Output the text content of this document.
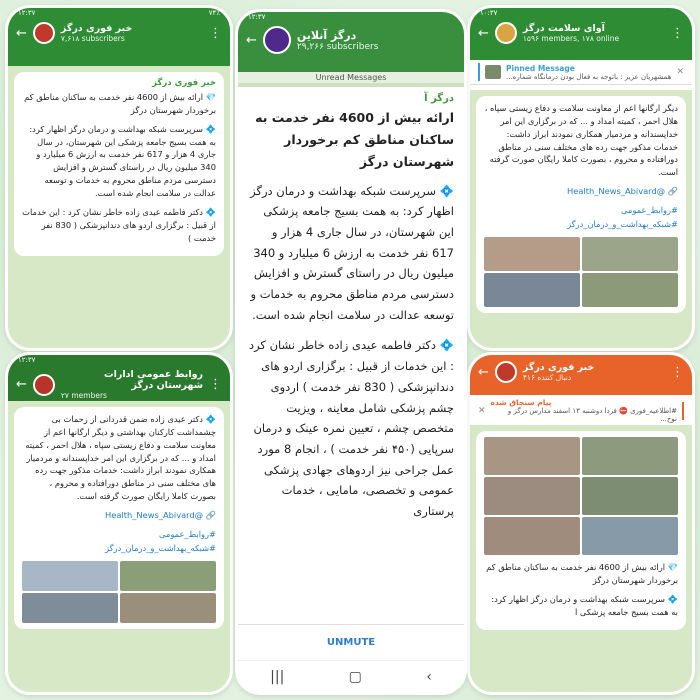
۱۲:۳۷	۷۴٪
←	خبر فوری درگز
۷,۶۱۸ subscribers	⋮
خبر فوری درگز
💎 ارائه بیش از 4600 نفر خدمت به ساکنان مناطق کم برخوردار شهرستان درگز
💠 سرپرست شبکه بهداشت و درمان درگز اظهار کرد: به همت بسیج جامعه پزشکی این شهرستان، در سال جاری 4 هزار و 617 نفر خدمت به ارزش 6 میلیارد و 340 میلیون ریال در راستای گسترش و افزایش دسترسی مردم مناطق محروم به خدمات و توسعه عدالت در سلامت انجام شده است.
💠 دکتر فاطمه عیدی زاده خاطر نشان کرد : این خدمات از قبیل : برگزاری اردو های دندانپزشکی ( 830 نفر خدمت )
۱۲:۳۷
←
روابط عمومی ادارات شهرستان درگز
۲۷ members
⋮
💠 دکتر عیدی زاده ضمن قدردانی از زحمات بی چشمداشت کارکنان بهداشتی و دیگر ارگانها اعم از معاونت سلامت و دفاع زیستی سپاه ، هلال احمر ، کمیته امداد و ... که در برگزاری این امر خداپسندانه و مردمیار همکاری نمودند ابراز داشت: خدمات مذکور جهت رده های مختلف سنی در مناطق دورافتاده و محروم ، بصورت کاملا رایگان صورت گرفته است.
🔗 @Health_News_Abivard
#روابط_عمومی
#شبکه_بهداشت_و_درمان_درگز
۱۰:۳۷
←	آوای سلامت درگز
۱۵۹۶ members, ۱۷۸ online	⋮
Pinned Message
همشهریان عزیز : باتوجه به فعال بودن درمانگاه شماره... ✕
دیگر ارگانها اعم از معاونت سلامت و دفاع زیستی سپاه ، هلال احمر ، کمیته امداد و ... که در برگزاری این امر خداپسندانه و مردمیار همکاری نمودند ابراز داشت: خدمات مذکور جهت رده های مختلف سنی در مناطق دورافتاده و محروم ، بصورت کاملا رایگان صورت گرفته است.
🔗 @Health_News_Abivard
#روابط_عمومی
#شبکه_بهداشت_و_درمان_درگز
←	خبر فوری درگز
۴۱۶ دنبال کننده	⋮
پیام سنجاق شده
#اطلاعیه_فوری ⛔ فردا دوشنبه ۱۳ اسفند مدارس درگز و نوخ...
✕
💎 ارائه بیش از 4600 نفر خدمت به ساکنان مناطق کم برخوردار شهرستان درگز
💠 سرپرست شبکه بهداشت و درمان درگز اظهار کرد: به همت بسیج جامعه پزشکی ا
۱۲:۳۷
←	درگز آنلاین
۲۹,۲۶۶ subscribers
Unread Messages
درگز آ
ارائه بیش از 4600 نفر خدمت به ساکنان مناطق کم برخوردار شهرستان درگز
💠 سرپرست شبکه بهداشت و درمان درگز اظهار کرد: به همت بسیج جامعه پزشکی این شهرستان، در سال جاری 4 هزار و 617 نفر خدمت به ارزش 6 میلیارد و 340 میلیون ریال در راستای گسترش و افزایش دسترسی مردم مناطق محروم به خدمات و توسعه عدالت در سلامت انجام شده است.
💠 دکتر فاطمه عیدی زاده خاطر نشان کرد : این خدمات از قبیل : برگزاری اردو های دندانپزشکی ( 830 نفر خدمت ) اردوی چشم پزشکی شامل معاینه ، ویزیت متخصص چشم ، تعیین نمره عینک و درمان سرپایی (۴۵۰ نفر خدمت ) ، انجام 8 مورد عمل جراحی نیز اردوهای جهادی پزشکی عمومی و تخصصی، مامایی ، خدمات پرستاری
UNMUTE
|||	▢	‹
